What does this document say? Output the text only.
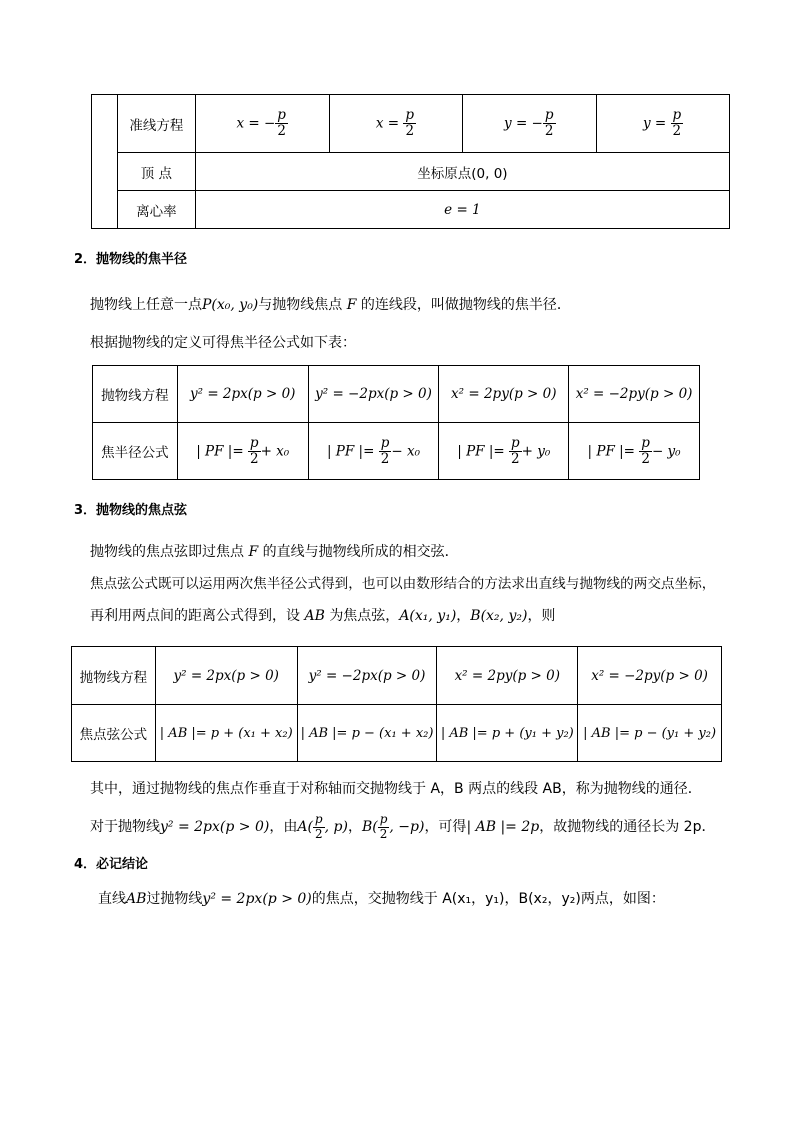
	准线方程	x = − $\frac{p}{2}$	$x = \frac{p}{2}$	y = − $\frac{p}{2}$	$y = \frac{p}{2}$

	顶 点	坐标原点(0, 0)			
	离心率	e = 1			
2．抛物线的焦半径
抛物线上任意一点P(x₀, y₀)与抛物线焦点 F 的连线段，叫做抛物线的焦半径．
根据抛物线的定义可得焦半径公式如下表：
抛物线方程	y² = 2px(p > 0)	y² = −2px(p > 0)	x² = 2py(p > 0)	x² = −2py(p > 0)
焦半径公式	| PF |= $\frac{p}{2} + x_0$	| PF |= $\frac{p}{2} - x_0$	| PF |= $\frac{p}{2} + y_0$	| PF |= $\frac{p}{2} - y_0$
3．抛物线的焦点弦
抛物线的焦点弦即过焦点 F 的直线与抛物线所成的相交弦．
焦点弦公式既可以运用两次焦半径公式得到，也可以由数形结合的方法求出直线与抛物线的两交点坐标，
再利用两点间的距离公式得到，设 AB 为焦点弦，A(x₁, y₁)，B(x₂, y₂)，则
抛物线方程	y² = 2px(p > 0)	y² = −2px(p > 0)	x² = 2py(p > 0)	x² = −2py(p > 0)
焦点弦公式	| AB |= p + (x₁ + x₂)	| AB |= p − (x₁ + x₂)	| AB |= p + (y₁ + y₂)	| AB |= p − (y₁ + y₂)
其中，通过抛物线的焦点作垂直于对称轴而交抛物线于 A，B 两点的线段 AB，称为抛物线的通径．
对于抛物线y² = 2px(p > 0)，由$A( \frac{p}{2}$ , p)，$B( \frac{p}{2}$ , −p)，可得| AB |= 2p，故抛物线的通径长为 2p．
4．必记结论
直线AB过抛物线y² = 2px(p > 0)的焦点，交抛物线于 A(x₁，y₁)，B(x₂，y₂)两点，如图：
